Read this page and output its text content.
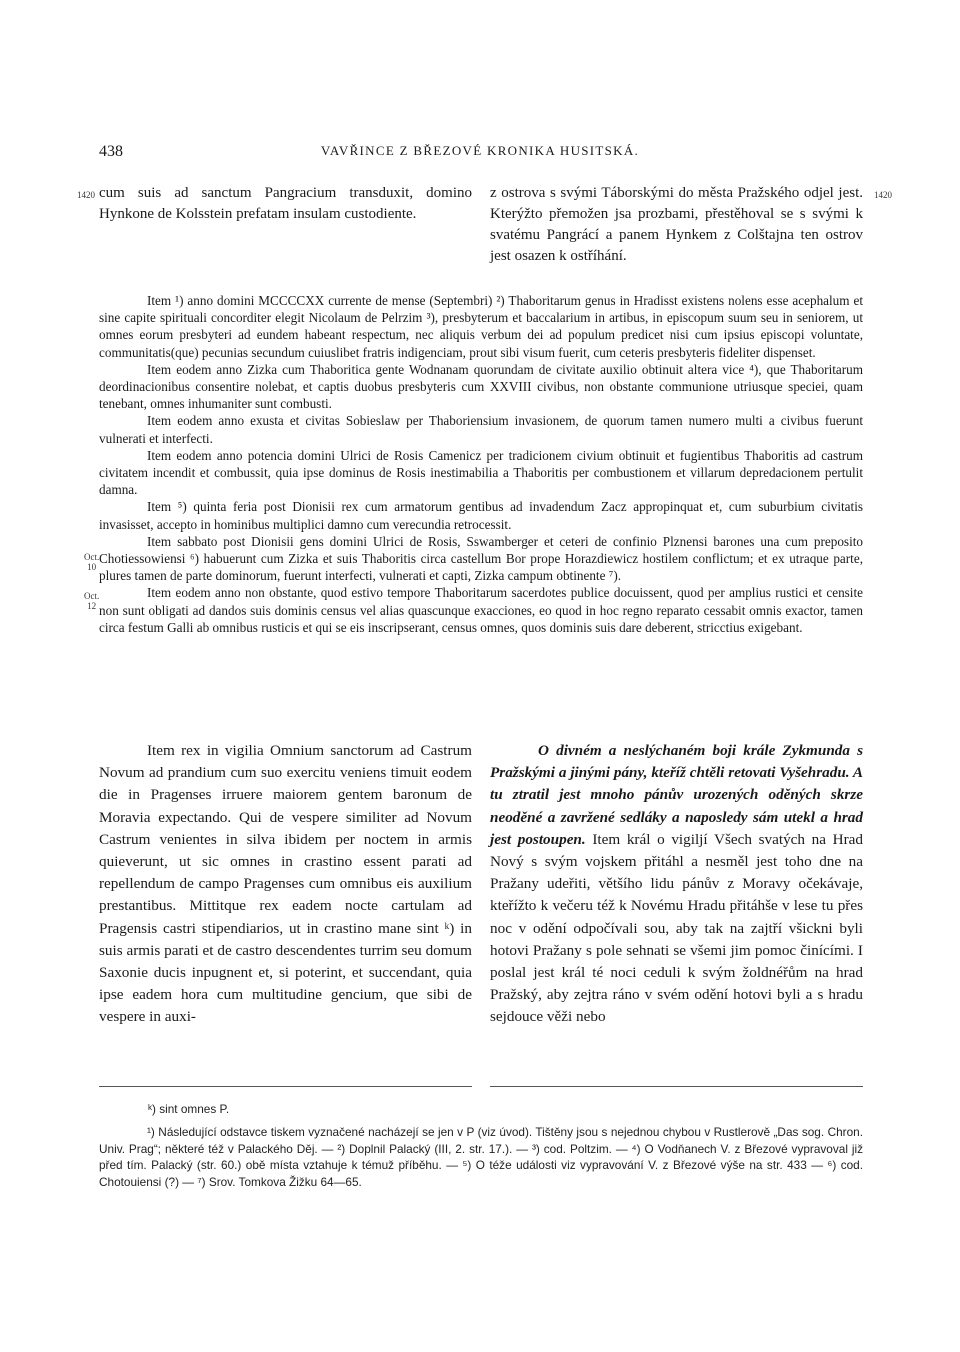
438	VAVŘINCE Z BŘEZOVÉ KRONIKA HUSITSKÁ.
1420	1420
Oct.
10
Oct.
12
cum suis ad sanctum Pangracium transduxit, domino Hynkone de Kolsstein prefatam insulam custodiente.
z ostrova s svými Táborskými do města Pražského odjel jest. Kterýžto přemožen jsa prozbami, přestěhoval se s svými k svatému Pangrácí a panem Hynkem z Colštajna ten ostrov jest osazen k ostříhání.

Item ¹) anno domini MCCCCXX currente de mense (Septembri) ²) Thaboritarum genus in Hradisst existens nolens esse acephalum et sine capite spirituali concorditer elegit Nicolaum de Pelrzim ³), presbyterum et baccalarium in artibus, in episcopum suum seu in seniorem, ut omnes eorum presbyteri ad eundem habeant respectum, nec aliquis verbum dei ad populum predicet nisi cum ipsius episcopi voluntate, communitatis(que) pecunias secundum cuiuslibet fratris indigenciam, prout sibi visum fuerit, cum ceteris presbyteris fideliter dispenset.

Item eodem anno Zizka cum Thaboritica gente Wodnanam quorundam de civitate auxilio obtinuit altera vice ⁴), que Thaboritarum deordinacionibus consentire nolebat, et captis duobus presbyteris cum XXVIII civibus, non obstante communione utriusque speciei, quam tenebant, omnes inhumaniter sunt combusti.

Item eodem anno exusta et civitas Sobieslaw per Thaboriensium invasionem, de quorum tamen numero multi a civibus fuerunt vulnerati et interfecti.

Item eodem anno potencia domini Ulrici de Rosis Camenicz per tradicionem civium obtinuit et fugientibus Thaboritis ad castrum civitatem incendit et combussit, quia ipse dominus de Rosis inestimabilia a Thaboritis per combustionem et villarum depredacionem pertulit damna.

Item ⁵) quinta feria post Dionisii rex cum armatorum gentibus ad invadendum Zacz appropinquat et, cum suburbium civitatis invasisset, accepto in hominibus multiplici damno cum verecundia retrocessit.

Item sabbato post Dionisii gens domini Ulrici de Rosis, Sswamberger et ceteri de confinio Plznensi barones una cum preposito Chotiessowiensi ⁶) habuerunt cum Zizka et suis Thaboritis circa castellum Bor prope Horazdiewicz hostilem conflictum; et ex utraque parte, plures tamen de parte dominorum, fuerunt interfecti, vulnerati et capti, Zizka campum obtinente ⁷).

Item eodem anno non obstante, quod estivo tempore Thaboritarum sacerdotes publice docuissent, quod per amplius rustici et censite non sunt obligati ad dandos suis dominis census vel alias quascunque exacciones, eo quod in hoc regno reparato cessabit omnis exactor, tamen circa festum Galli ab omnibus rusticis et qui se eis inscripserant, census omnes, quos dominis suis dare deberent, stricctius exigebant.

Item rex in vigilia Omnium sanctorum ad Castrum Novum ad prandium cum suo exercitu veniens timuit eodem die in Pragenses irruere maiorem gentem baronum de Moravia expectando. Qui de vespere similiter ad Novum Castrum venientes in silva ibidem per noctem in armis quieverunt, ut sic omnes in crastino essent parati ad repellendum de campo Pragenses cum omnibus eis auxilium prestantibus. Mittitque rex eadem nocte cartulam ad Pragensis castri stipendiarios, ut in crastino mane sint ᵏ) in suis armis parati et de castro descendentes turrim seu domum Saxonie ducis inpugnent et, si poterint, et succendant, quia ipse eadem hora cum multitudine gencium, que sibi de vespere in auxi-

O divném a neslýchaném boji krále Zykmunda s Pražskými a jinými pány, kteříž chtěli retovati Vyšehradu. A tu ztratil jest mnoho pánův urozených oděných skrze neoděné a zavržené sedláky a naposledy sám utekl a hrad jest postoupen. Item král o vigiljí Všech svatých na Hrad Nový s svým vojskem přitáhl a nesměl jest toho dne na Pražany udeřiti, většího lidu pánův z Moravy očekávaje, kteřížto k večeru též k Novému Hradu přitáhše v lese tu přes noc v odění odpočívali sou, aby tak na zajtří všickni byli hotovi Pražany s pole sehnati se všemi jim pomoc činícími. I poslal jest král té noci ceduli k svým žoldnéřům na hrad Pražský, aby zejtra ráno v svém odění hotovi byli a s hradu sejdouce věži nebo

ᵏ) sint omnes P.
¹) Následující odstavce tiskem vyznačené nacházejí se jen v P (viz úvod). Tištěny jsou s nejednou chybou v Rustlerově „Das sog. Chron. Univ. Prag“; některé též v Palackého Děj. — ²) Doplnil Palacký (III, 2. str. 17.). — ³) cod. Poltzim. — ⁴) O Vodňanech V. z Březové vypravoval již před tím. Palacký (str. 60.) obě místa vztahuje k témuž příběhu. — ⁵) O téže události viz vypravování V. z Březové výše na str. 433 — ⁶) cod. Chotouiensi (?) — ⁷) Srov. Tomkova Žižku 64—65.
